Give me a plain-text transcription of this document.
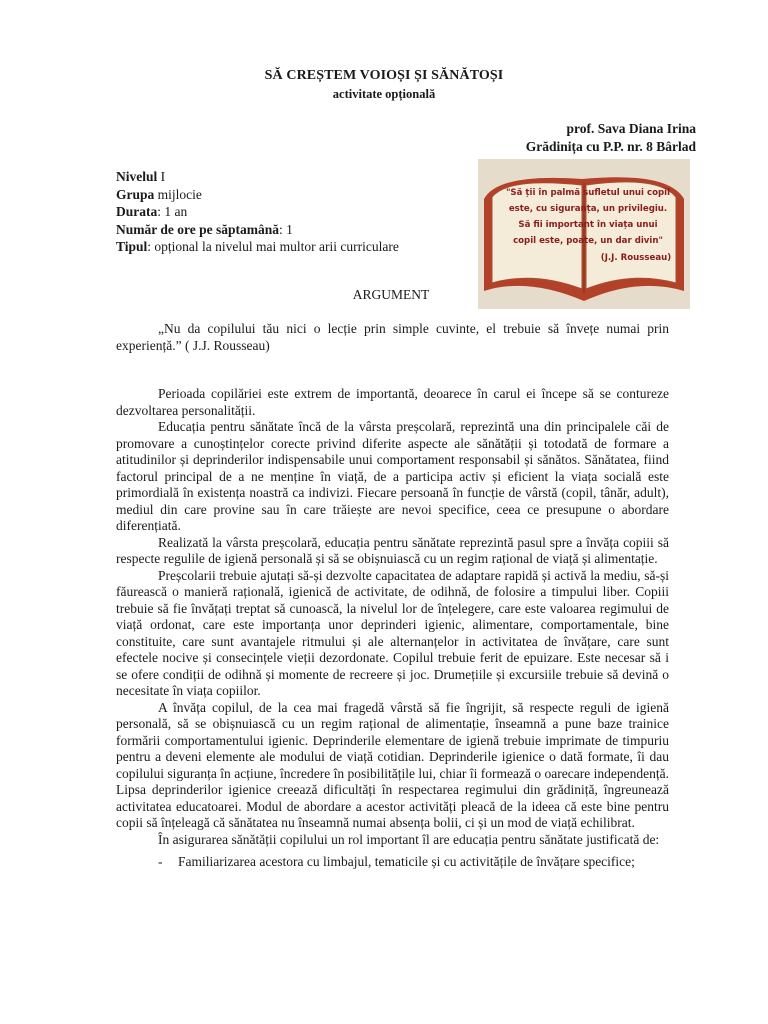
SĂ CREȘTEM VOIOȘI ȘI SĂNĂTOȘI
activitate opțională
prof. Sava Diana Irina
Grădinița cu P.P. nr. 8 Bârlad
Nivelul I
Grupa mijlocie
Durata: 1 an
Număr de ore pe săptamână: 1
Tipul: opțional la nivelul mai multor arii curriculare
"Să ții în palmă sufletul unui copil
este, cu siguranța, un privilegiu.
Să fii important în viața unui
copil este, poate, un dar divin"
(J.J. Rousseau)
ARGUMENT

„Nu da copilului tău nici o lecție prin simple cuvinte, el trebuie să învețe numai prin experiență.” ( J.J. Rousseau)

Perioada copilăriei este extrem de importantă, deoarece în carul ei începe să se contureze dezvoltarea personalității.

Educația pentru sănătate încă de la vârsta preșcolară, reprezintă una din principalele căi de promovare a cunoștințelor corecte privind diferite aspecte ale sănătății și totodată de formare a atitudinilor și deprinderilor indispensabile unui comportament responsabil și sănătos. Sănătatea, fiind factorul principal de a ne menține în viață, de a participa activ și eficient la viața socială este primordială în existența noastră ca indivizi. Fiecare persoană în funcție de vârstă (copil, tânăr, adult), mediul din care provine sau în care trăiește are nevoi specifice, ceea ce presupune o abordare diferențiată.

Realizată la vârsta preșcolară, educația pentru sănătate reprezintă pasul spre a învăța copiii să respecte regulile de igienă personală și să se obișnuiască cu un regim rațional de viață și alimentație.

Preșcolarii trebuie ajutați să-și dezvolte capacitatea de adaptare rapidă și activă la mediu, să-și făurească o manieră rațională, igienică de activitate, de odihnă, de folosire a timpului liber. Copiii trebuie să fie învățați treptat să cunoască, la nivelul lor de înțelegere, care este valoarea regimului de viață ordonat, care este importanța unor deprinderi igienic, alimentare, comportamentale, bine constituite, care sunt avantajele ritmului și ale alternanțelor in activitatea de învățare, care sunt efectele nocive și consecințele vieții dezordonate. Copilul trebuie ferit de epuizare. Este necesar să i se ofere condiții de odihnă și momente de recreere și joc. Drumețiile și excursiile trebuie să devină o necesitate în viața copiilor.

A învăța copilul, de la cea mai fragedă vârstă să fie îngrijit, să respecte reguli de igienă personală, să se obișnuiască cu un regim rațional de alimentație, înseamnă a pune baze trainice formării comportamentului igienic. Deprinderile elementare de igienă trebuie imprimate de timpuriu pentru a deveni elemente ale modului de viață cotidian. Deprinderile igienice o dată formate, îi dau copilului siguranța în acțiune, încredere în posibilitățile lui, chiar îi formează o oarecare independență. Lipsa deprinderilor igienice creează dificultăți în respectarea regimului din grădiniță, îngreunează activitatea educatoarei. Modul de abordare a acestor activități pleacă de la ideea că este bine pentru copii să înțeleagă că sănătatea nu înseamnă numai absența bolii, ci și un mod de viață echilibrat.

În asigurarea sănătății copilului un rol important îl are educația pentru sănătate justificată de:

-	Familiarizarea acestora cu limbajul, tematicile și cu activitățile de învățare specifice;
